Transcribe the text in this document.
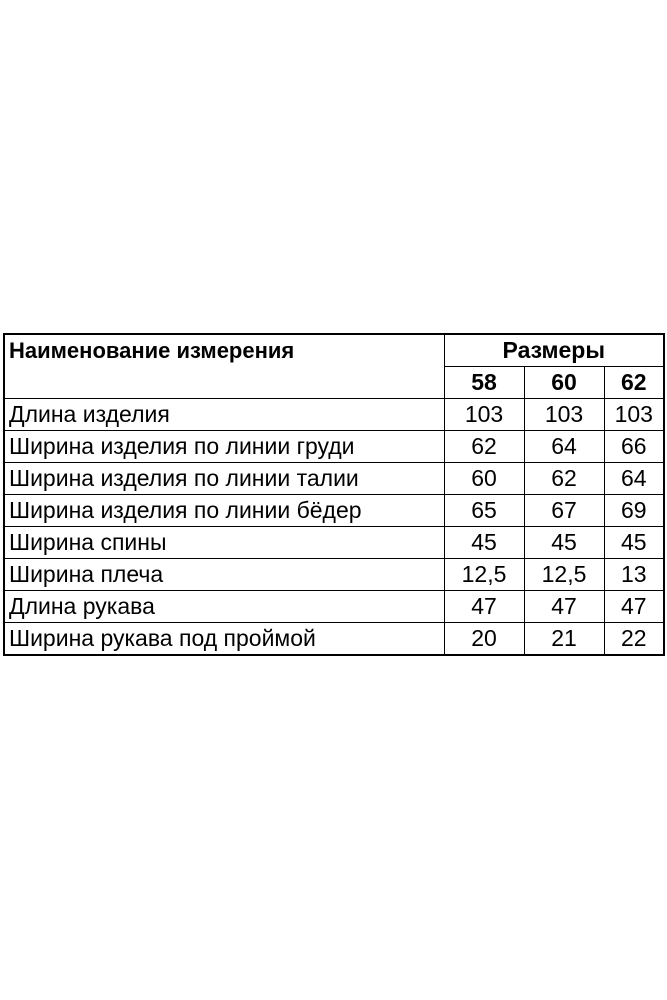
Наименование измерения	Размеры		
	58	60	62
Длина изделия	103	103	103
Ширина изделия по линии груди	62	64	66
Ширина изделия по линии талии	60	62	64
Ширина изделия по линии бёдер	65	67	69
Ширина спины	45	45	45
Ширина плеча	12,5	12,5	13
Длина рукава	47	47	47
Ширина рукава под проймой	20	21	22
